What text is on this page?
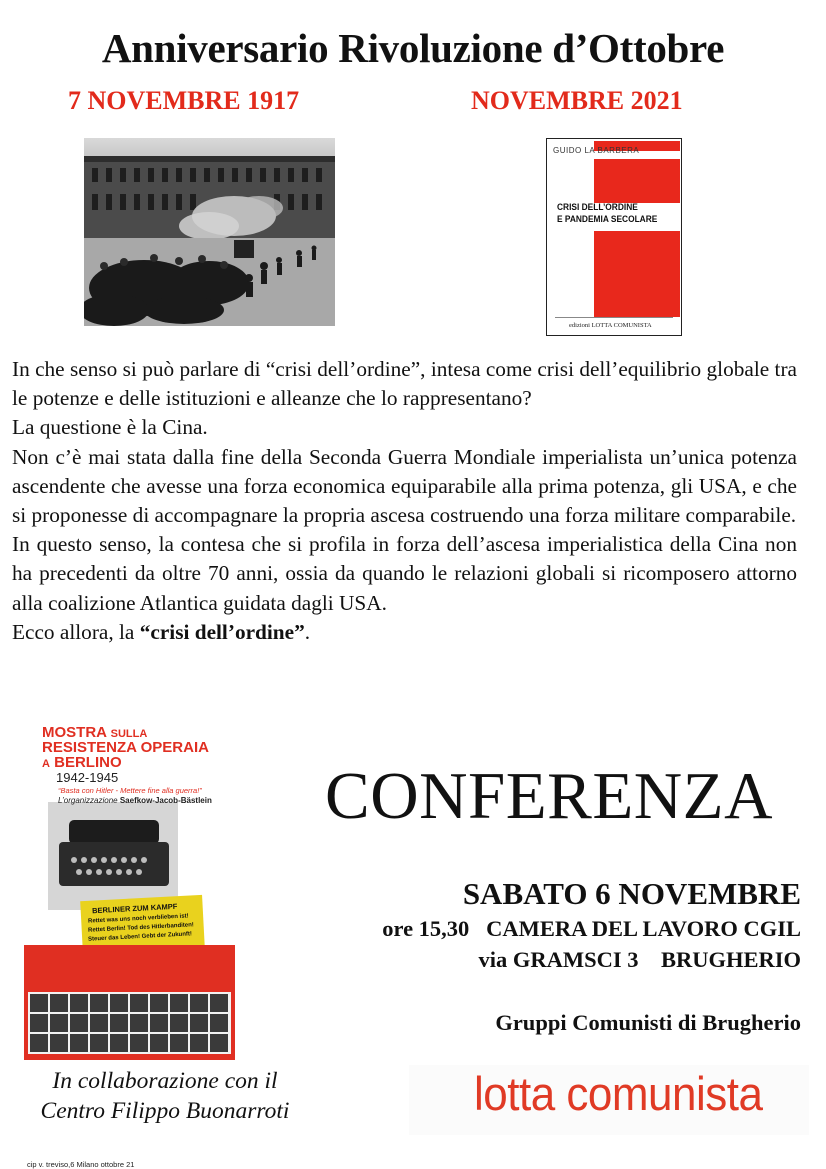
Anniversario Rivoluzione d’Ottobre
7 NOVEMBRE 1917	NOVEMBRE 2021
GUIDO LA BARBERA
CRISI DELL’ORDINE
E PANDEMIA SECOLARE
edizioni LOTTA COMUNISTA

In che senso si può parlare di “crisi dell’ordine”, intesa come crisi dell’equilibrio globale tra le potenze e delle istituzioni e alleanze che lo rappresentano?

La questione è la Cina.

Non c’è mai stata dalla fine della Seconda Guerra Mondiale imperialista un’unica potenza ascendente che avesse una forza economica equiparabile alla prima potenza, gli USA, e che si proponesse di accompagnare la propria ascesa costruendo una forza militare comparabile.

In questo senso, la contesa che si profila in forza dell’ascesa imperialistica della Cina non ha precedenti da oltre 70 anni, ossia da quando le relazioni globali si ricomposero attorno alla coalizione Atlantica guidata dagli USA.

Ecco allora, la “crisi dell’ordine”.

MOSTRA SULLA
RESISTENZA OPERAIA
A BERLINO
1942-1945
“Basta con Hitler - Mettere fine alla guerra!”
L’organizzazione Saefkow-Jacob-Bästlein
BERLINER ZUM KAMPF
Rettet was uns noch verblieben ist!
Rettet Berlin! Tod des Hitlerbanditen!
Steuer das Leben! Gebt der Zukunft!
CONFERENZA
SABATO 6 NOVEMBRE
ore 15,30   CAMERA DEL LAVORO CGIL
via GRAMSCI 3    BRUGHERIO
Gruppi Comunisti di Brugherio
lotta comunista
In collaborazione con il
Centro Filippo Buonarroti
cip v. treviso,6 Milano ottobre 21
